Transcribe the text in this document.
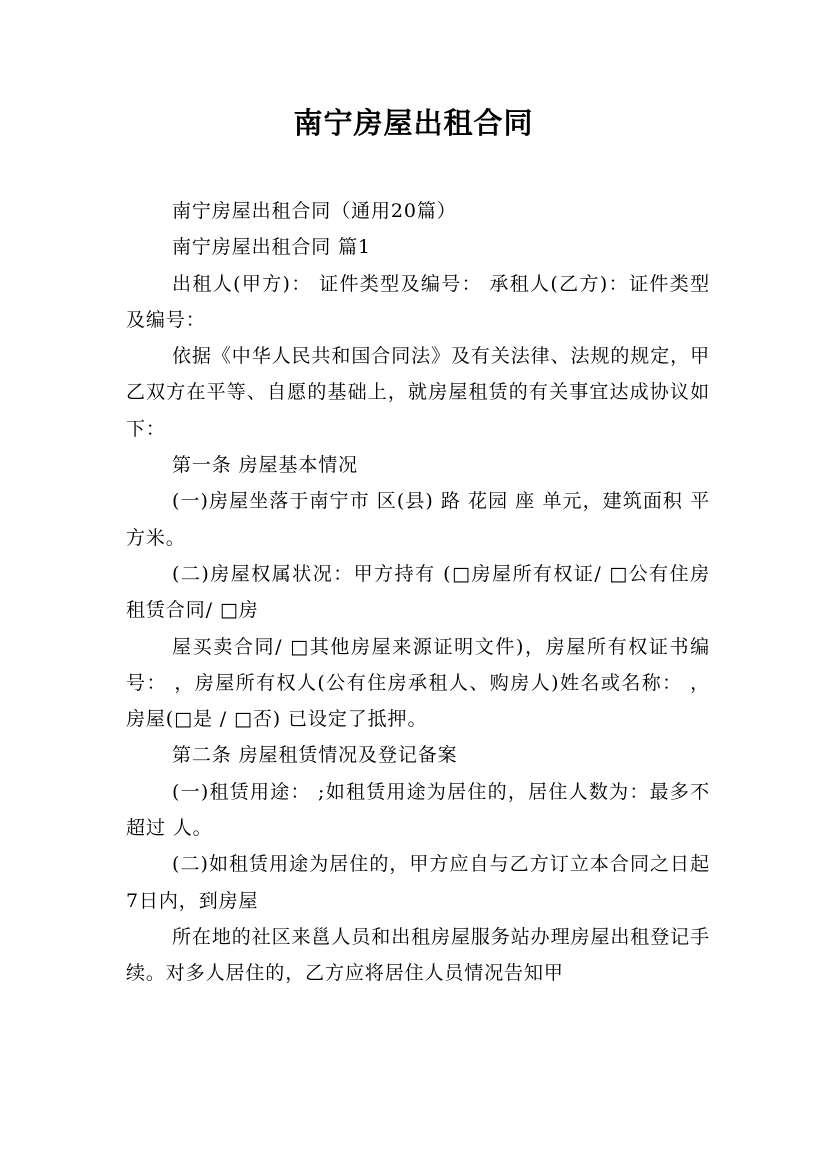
南宁房屋出租合同

南宁房屋出租合同（通用20篇）

南宁房屋出租合同 篇1

出租人(甲方)： 证件类型及编号： 承租人(乙方)：证件类型及编号：

依据《中华人民共和国合同法》及有关法律、法规的规定，甲乙双方在平等、自愿的基础上，就房屋租赁的有关事宜达成协议如下：

第一条 房屋基本情况

(一)房屋坐落于南宁市 区(县) 路 花园 座 单元，建筑面积 平方米。

(二)房屋权属状况：甲方持有 (□房屋所有权证/ □公有住房租赁合同/ □房

屋买卖合同/ □其他房屋来源证明文件)，房屋所有权证书编号： ，房屋所有权人(公有住房承租人、购房人)姓名或名称： ，房屋(□是 / □否) 已设定了抵押。

第二条 房屋租赁情况及登记备案

(一)租赁用途： ;如租赁用途为居住的，居住人数为：最多不超过 人。

(二)如租赁用途为居住的，甲方应自与乙方订立本合同之日起7日内，到房屋

所在地的社区来邕人员和出租房屋服务站办理房屋出租登记手续。对多人居住的，乙方应将居住人员情况告知甲
